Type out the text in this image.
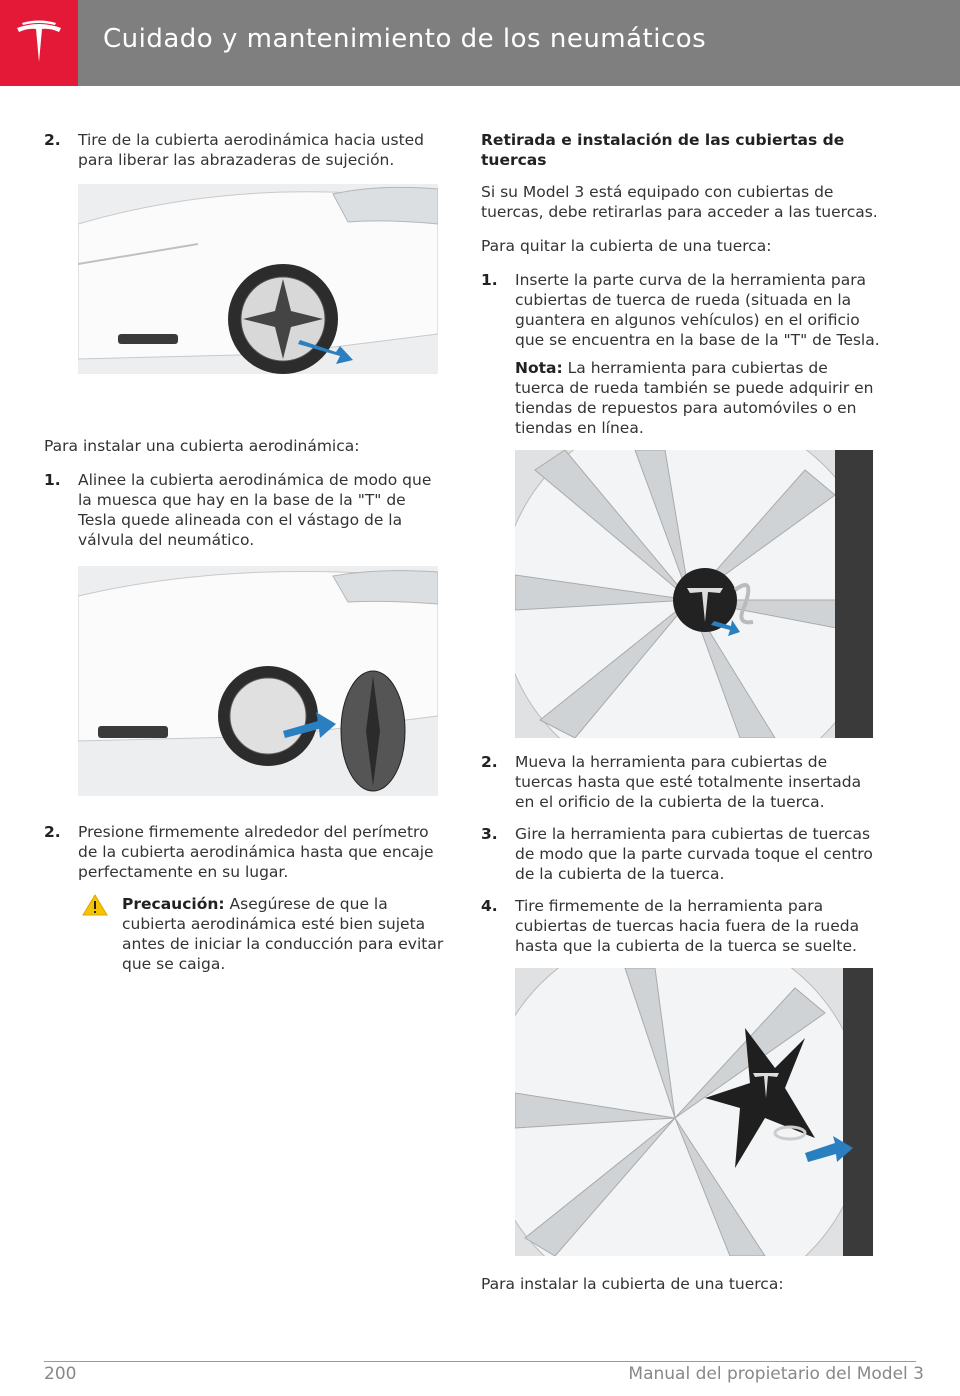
Cuidado y mantenimiento de los neumáticos
2. Tire de la cubierta aerodinámica hacia usted para liberar las abrazaderas de sujeción.

Para instalar una cubierta aerodinámica:

1. Alinee la cubierta aerodinámica de modo que la muesca que hay en la base de la "T" de Tesla quede alineada con el vástago de la válvula del neumático.
2. Presione firmemente alrededor del perímetro de la cubierta aerodinámica hasta que encaje perfectamente en su lugar.
Precaución: Asegúrese de que la cubierta aerodinámica esté bien sujeta antes de iniciar la conducción para evitar que se caiga.
Retirada e instalación de las cubiertas de tuercas

Si su Model 3 está equipado con cubiertas de tuercas, debe retirarlas para acceder a las tuercas.

Para quitar la cubierta de una tuerca:

1. Inserte la parte curva de la herramienta para cubiertas de tuerca de rueda (situada en la guantera en algunos vehículos) en el orificio que se encuentra en la base de la "T" de Tesla.
Nota: La herramienta para cubiertas de tuerca de rueda también se puede adquirir en tiendas de repuestos para automóviles o en tiendas en línea.
2. Mueva la herramienta para cubiertas de tuercas hasta que esté totalmente insertada en el orificio de la cubierta de la tuerca.
3. Gire la herramienta para cubiertas de tuercas de modo que la parte curvada toque el centro de la cubierta de la tuerca.
4. Tire firmemente de la herramienta para cubiertas de tuercas hacia fuera de la rueda hasta que la cubierta de la tuerca se suelte.

Para instalar la cubierta de una tuerca:

200	Manual del propietario del Model 3
